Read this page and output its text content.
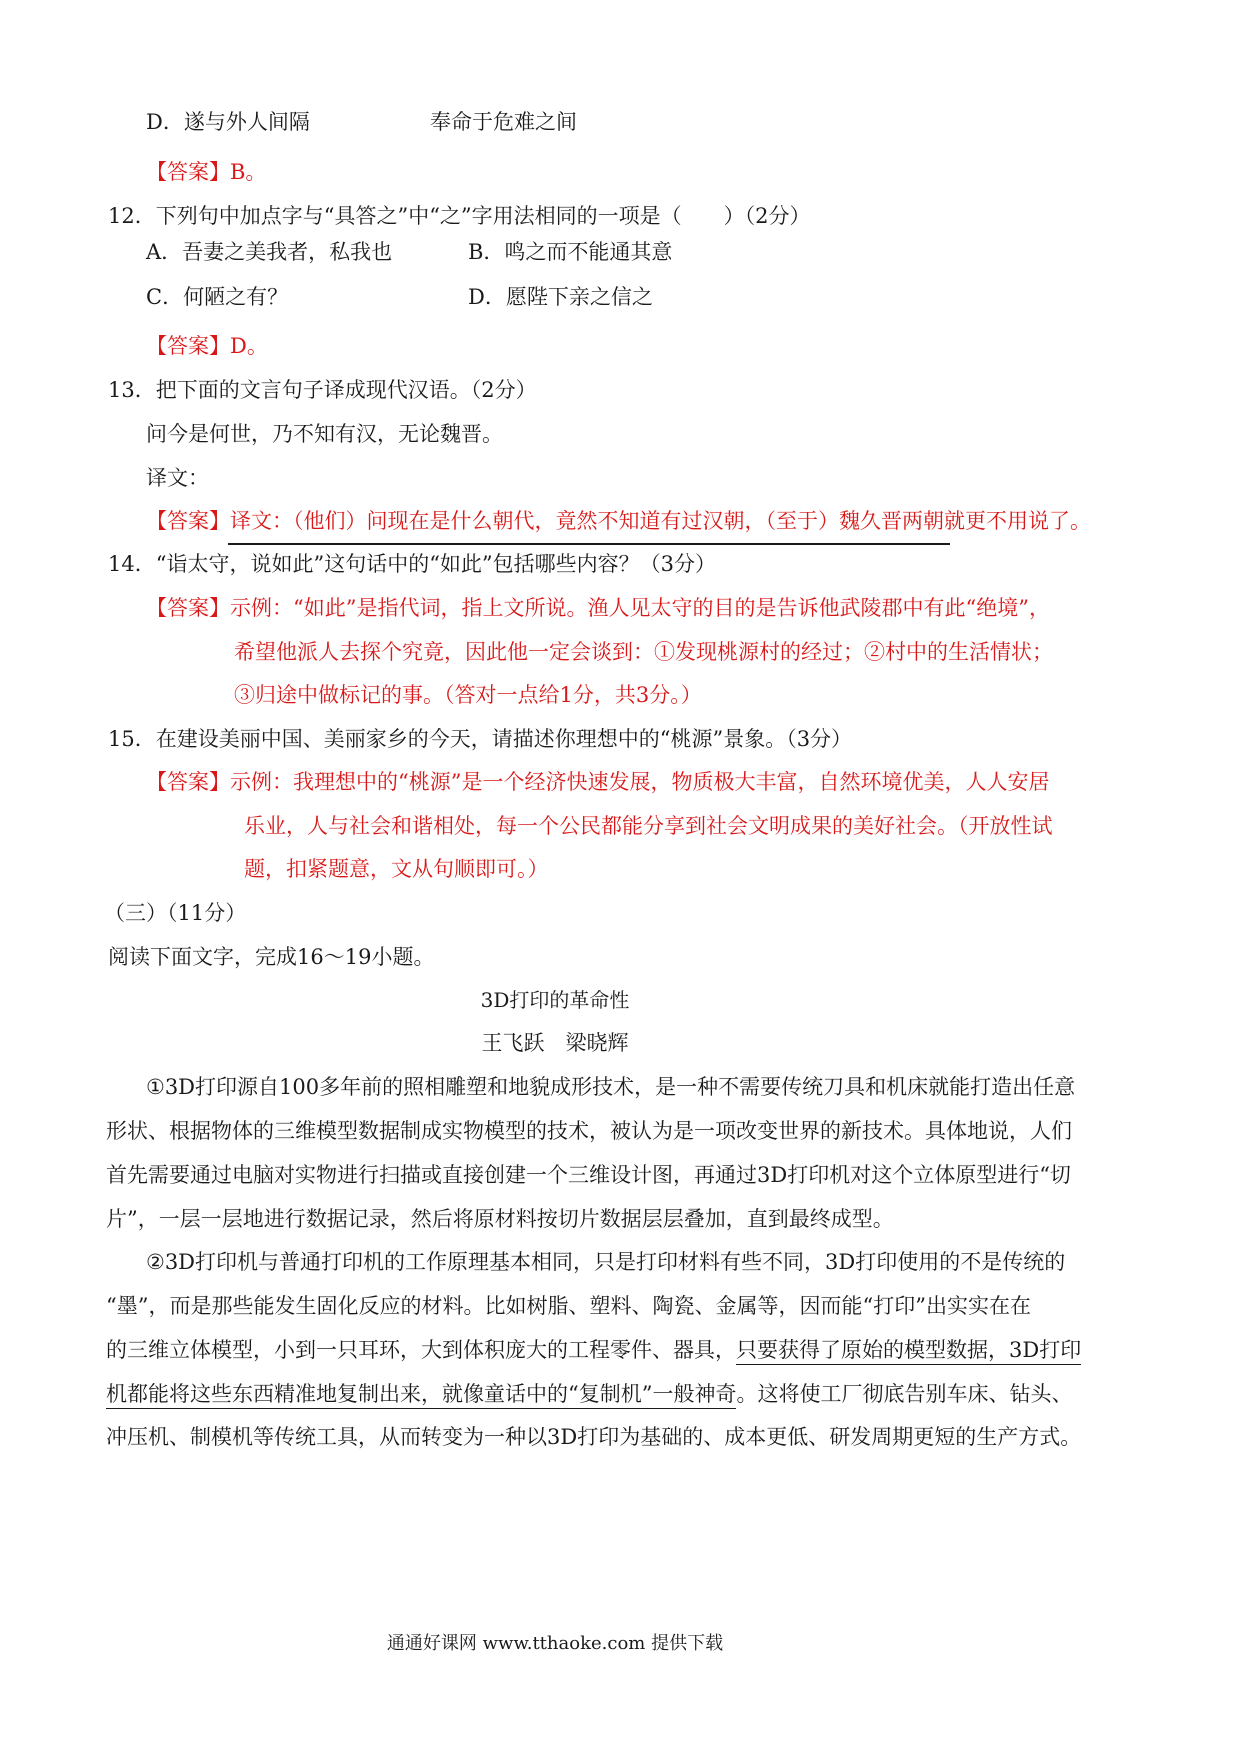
D．遂与外人间隔	奉命于危难之间
【答案】B。
12．下列句中加点字与“具答之”中“之”字用法相同的一项是（　　）（2分）
A．吾妻之美我者，私我也	B．鸣之而不能通其意
C．何陋之有？	D．愿陛下亲之信之
【答案】D。
13．把下面的文言句子译成现代汉语。（2分）
问今是何世，乃不知有汉，无论魏晋。
译文：
【答案】译文：（他们）问现在是什么朝代，竟然不知道有过汉朝，（至于）魏久晋两朝就更不用说了。
14．“诣太守，说如此”这句话中的“如此”包括哪些内容？（3分）
【答案】示例：“如此”是指代词，指上文所说。渔人见太守的目的是告诉他武陵郡中有此“绝境”，
希望他派人去探个究竟，因此他一定会谈到：①发现桃源村的经过；②村中的生活情状；
③归途中做标记的事。（答对一点给1分，共3分。）
15．在建设美丽中国、美丽家乡的今天，请描述你理想中的“桃源”景象。（3分）
【答案】示例：我理想中的“桃源”是一个经济快速发展，物质极大丰富，自然环境优美，人人安居
乐业，人与社会和谐相处，每一个公民都能分享到社会文明成果的美好社会。（开放性试
题，扣紧题意，文从句顺即可。）
（三）（11分）
阅读下面文字，完成16～19小题。
3D打印的革命性
王飞跃　梁晓辉
①3D打印源自100多年前的照相雕塑和地貌成形技术，是一种不需要传统刀具和机床就能打造出任意
形状、根据物体的三维模型数据制成实物模型的技术，被认为是一项改变世界的新技术。具体地说，人们
首先需要通过电脑对实物进行扫描或直接创建一个三维设计图，再通过3D打印机对这个立体原型进行“切
片”，一层一层地进行数据记录，然后将原材料按切片数据层层叠加，直到最终成型。
②3D打印机与普通打印机的工作原理基本相同，只是打印材料有些不同，3D打印使用的不是传统的
“墨”，而是那些能发生固化反应的材料。比如树脂、塑料、陶瓷、金属等，因而能“打印”出实实在在
的三维立体模型，小到一只耳环，大到体积庞大的工程零件、器具，只要获得了原始的模型数据，3D打印
机都能将这些东西精准地复制出来，就像童话中的“复制机”一般神奇。这将使工厂彻底告别车床、钻头、
冲压机、制模机等传统工具，从而转变为一种以3D打印为基础的、成本更低、研发周期更短的生产方式。
通通好课网 www.tthaoke.com 提供下载
